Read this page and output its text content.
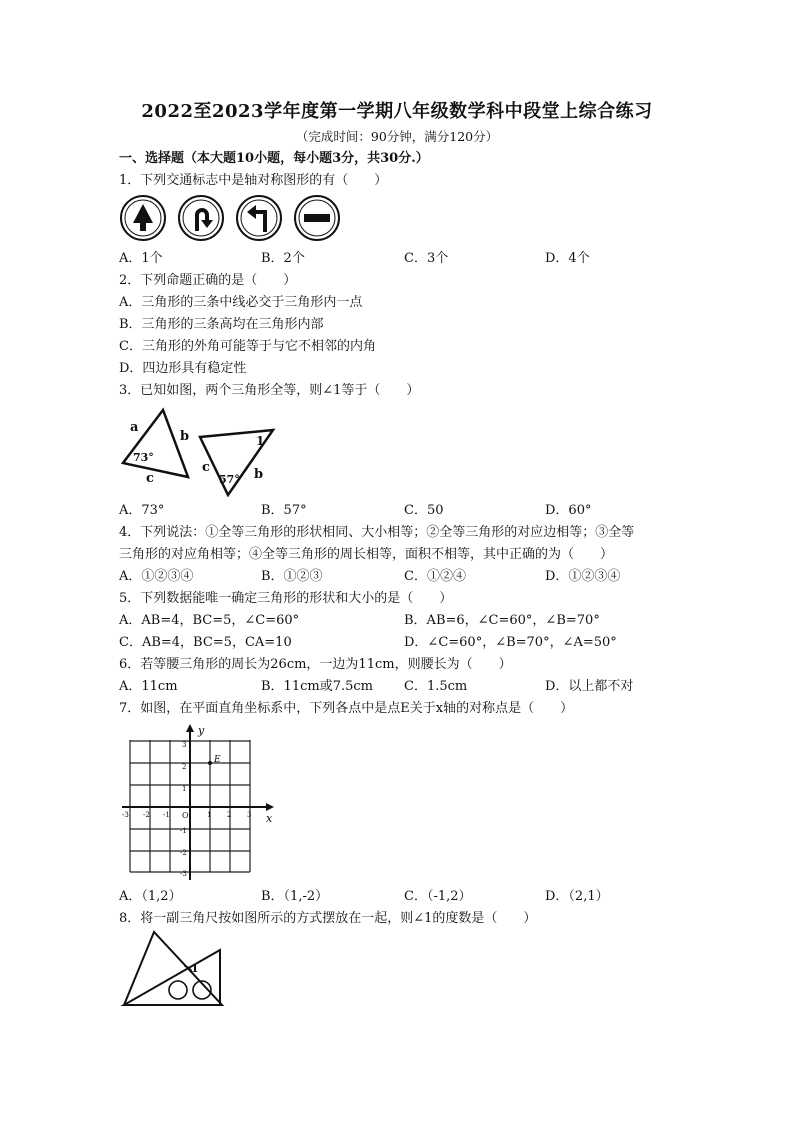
2022至2023学年度第一学期八年级数学科中段堂上综合练习
（完成时间：90分钟，满分120分）
一、选择题（本大题10小题，每小题3分，共30分.）
1．下列交通标志中是轴对称图形的有（　　）
A．1个	B．2个	C．3个	D．4个
2．下列命题正确的是（　　）
A．三角形的三条中线必交于三角形内一点
B．三角形的三条高均在三角形内部
C．三角形的外角可能等于与它不相邻的内角
D．四边形具有稳定性
3．已知如图，两个三角形全等，则∠1等于（　　）
a
b
73°
c
1
c
57° b
A．73°	B．57°	C．50	D．60°
4．下列说法：①全等三角形的形状相同、大小相等；②全等三角形的对应边相等；③全等
三角形的对应角相等；④全等三角形的周长相等，面积不相等，其中正确的为（　　）
A．①②③④	B．①②③	C．①②④	D．①②③④
5．下列数据能唯一确定三角形的形状和大小的是（　　）
A．AB=4，BC=5，∠C=60°	B．AB=6，∠C=60°，∠B=70°
C．AB=4，BC=5，CA=10	D．∠C=60°，∠B=70°，∠A=50°
6．若等腰三角形的周长为26cm，一边为11cm，则腰长为（　　）
A．11cm	B．11cm或7.5cm C．1.5cm	D．以上都不对
7．如图，在平面直角坐标系中，下列各点中是点E关于x轴的对称点是（　　）
y
x
O
E
-3 -2 -1	1 2 3
3
2
1
-1
-2
-3
A．（1,2）	B．（1,-2）	C．（-1,2）	D．（2,1）
8．将一副三角尺按如图所示的方式摆放在一起，则∠1的度数是（　　）
1
